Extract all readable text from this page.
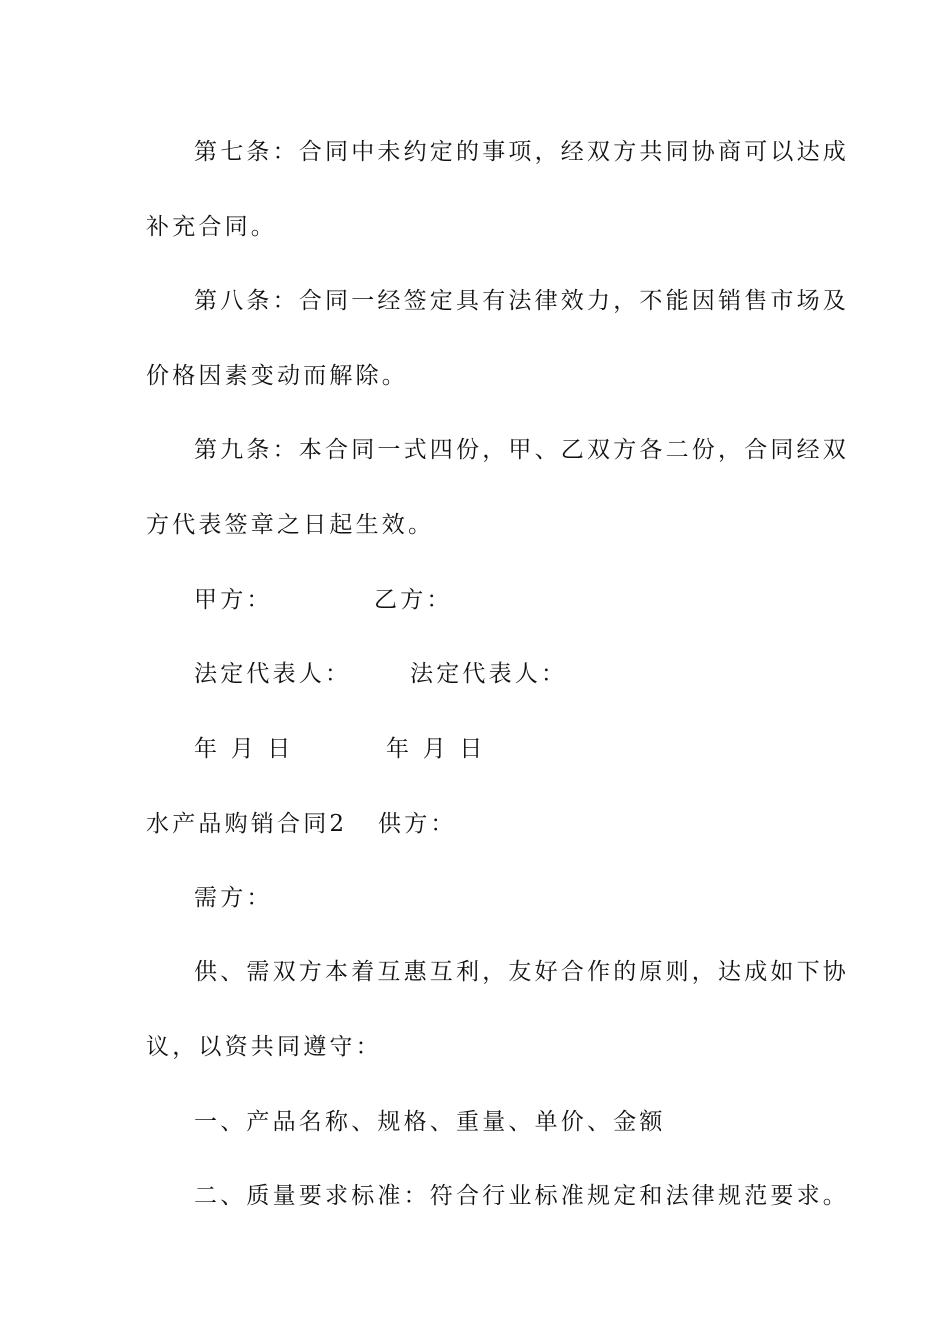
第七条：合同中未约定的事项，经双方共同协商可以达成
补充合同。
第八条：合同一经签定具有法律效力，不能因销售市场及
价格因素变动而解除。
第九条：本合同一式四份，甲、乙双方各二份，合同经双
方代表签章之日起生效。
甲方：	乙方：
法定代表人：	法定代表人：
年 月 日	年 月 日
水产品购销合同2 供方：
需方：
供、需双方本着互惠互利，友好合作的原则，达成如下协
议，以资共同遵守：
一、产品名称、规格、重量、单价、金额
二、质量要求标准：符合行业标准规定和法律规范要求。
